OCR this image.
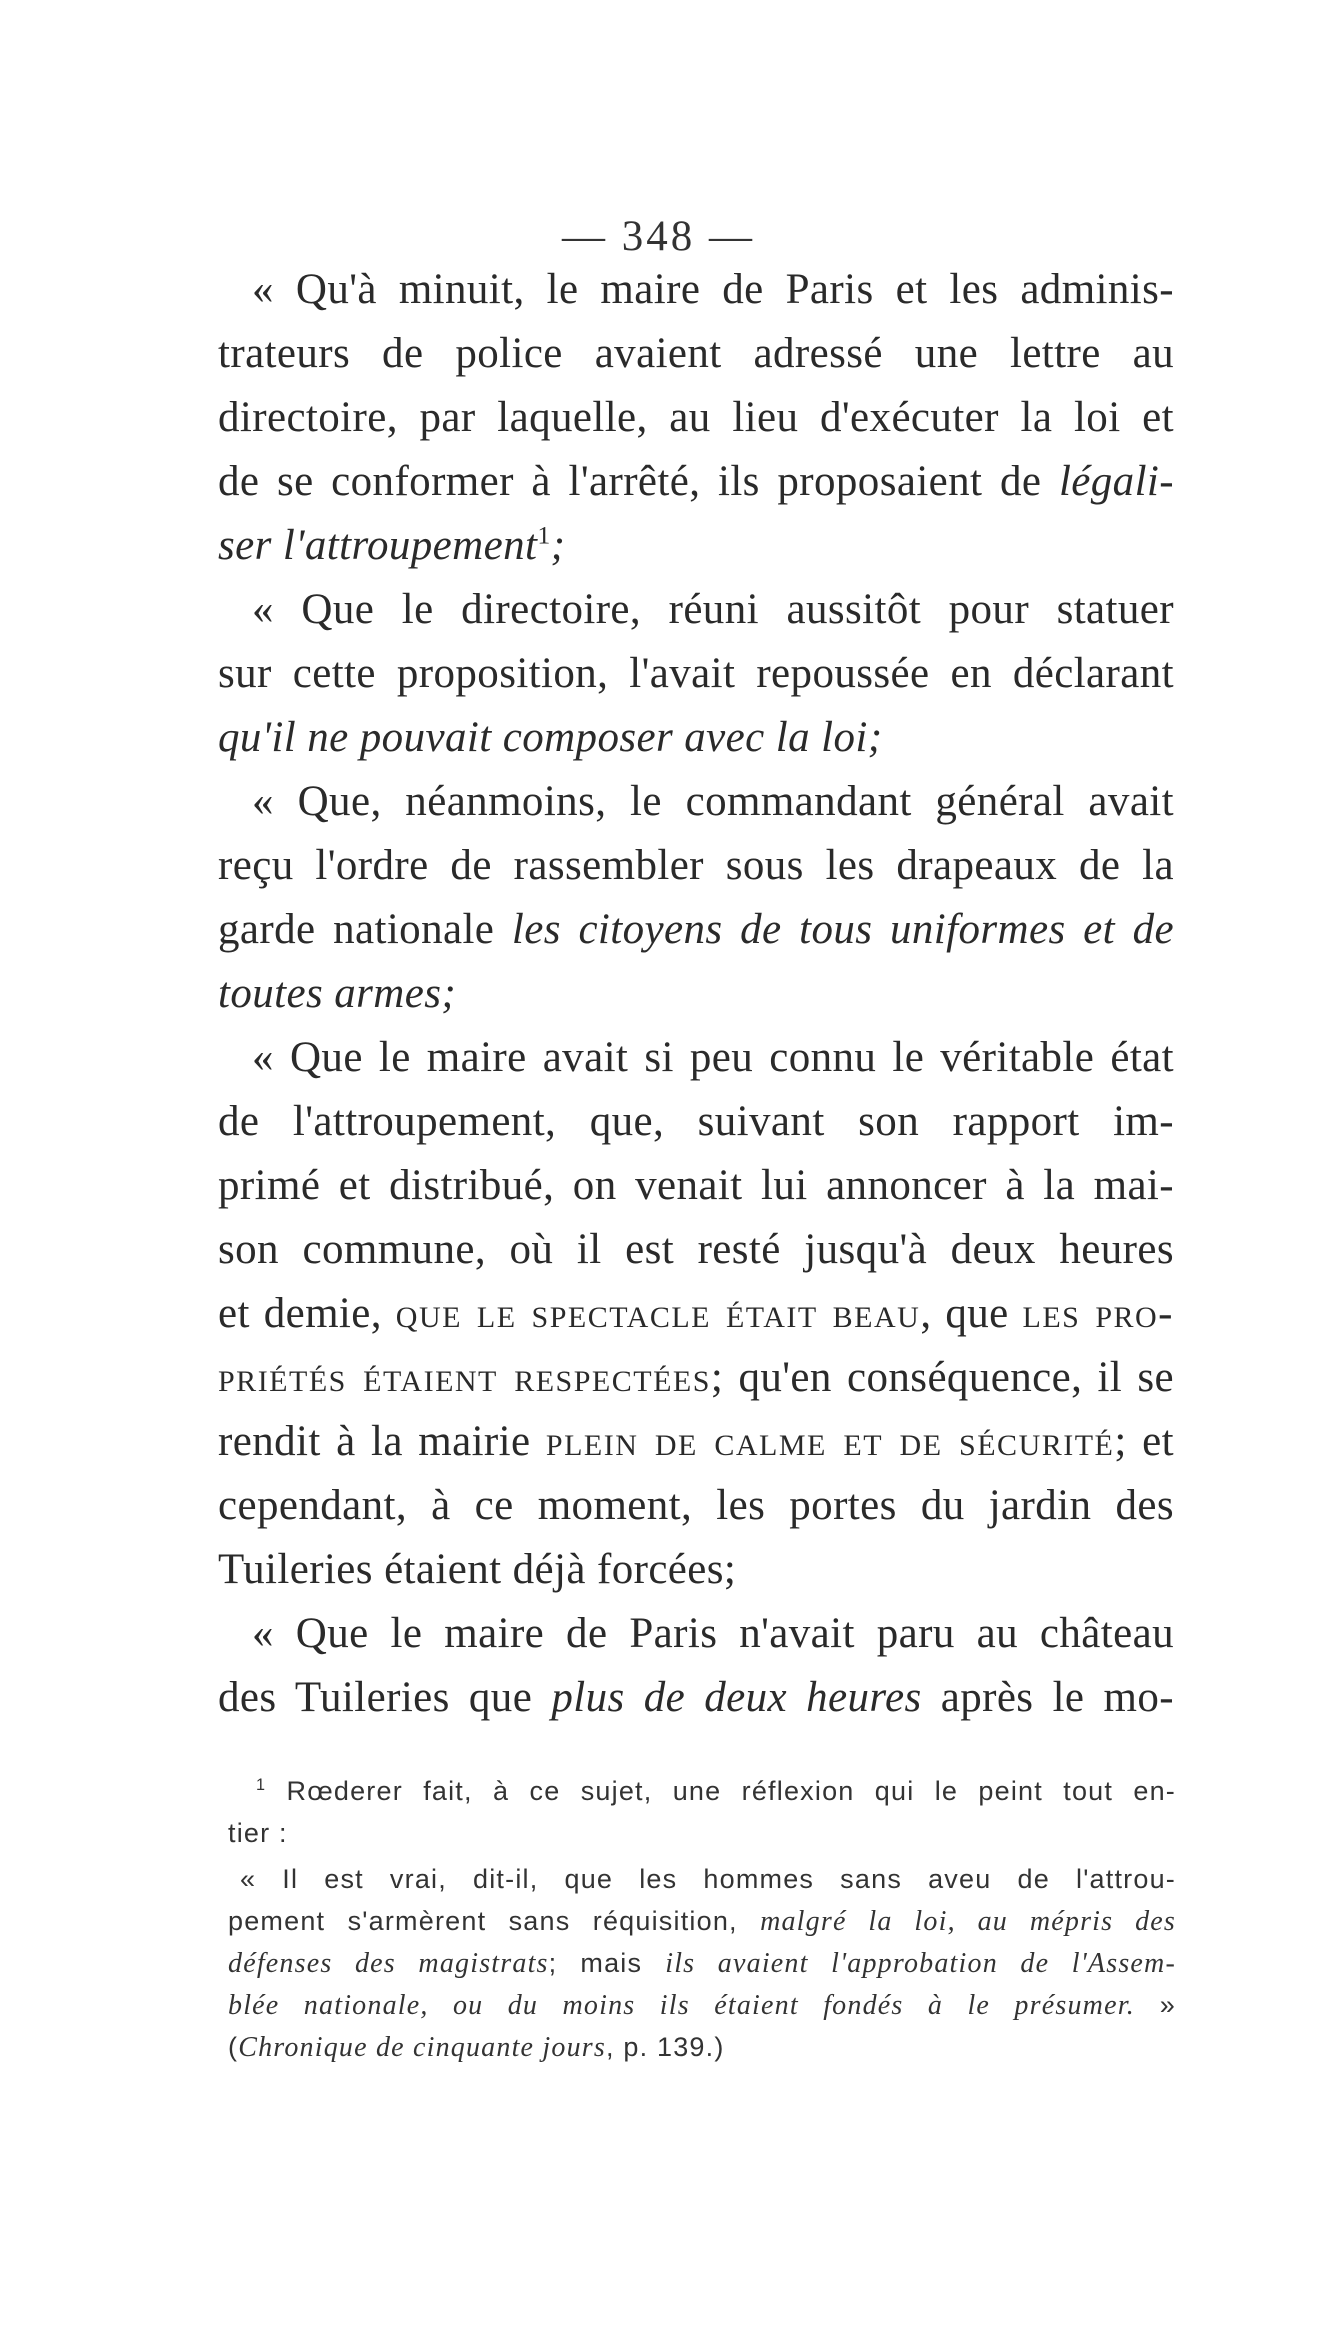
— 348 —
« Qu'à minuit, le maire de Paris et les adminis-
trateurs de police avaient adressé une lettre au
directoire, par laquelle, au lieu d'exécuter la loi et
de se conformer à l'arrêté, ils proposaient de légali-
ser l'attroupement$^1$;
« Que le directoire, réuni aussitôt pour statuer
sur cette proposition, l'avait repoussée en déclarant
qu'il ne pouvait composer avec la loi;
« Que, néanmoins, le commandant général avait
reçu l'ordre de rassembler sous les drapeaux de la
garde nationale les citoyens de tous uniformes et de
toutes armes;
« Que le maire avait si peu connu le véritable état
de l'attroupement, que, suivant son rapport im-
primé et distribué, on venait lui annoncer à la mai-
son commune, où il est resté jusqu'à deux heures
et demie, que le spectacle était beau, que les pro-
priétés étaient respectées; qu'en conséquence, il se
rendit à la mairie plein de calme et de sécurité; et
cependant, à ce moment, les portes du jardin des
Tuileries étaient déjà forcées;
« Que le maire de Paris n'avait paru au château
des Tuileries que plus de deux heures après le mo-
$^1$ Rœderer fait, à ce sujet, une réflexion qui le peint tout en-
tier :
« Il est vrai, dit-il, que les hommes sans aveu de l'attrou-
pement s'armèrent sans réquisition, malgré la loi, au mépris des
défenses des magistrats; mais ils avaient l'approbation de l'Assem-
blée nationale, ou du moins ils étaient fondés à le présumer. »
(Chronique de cinquante jours, p. 139.)
